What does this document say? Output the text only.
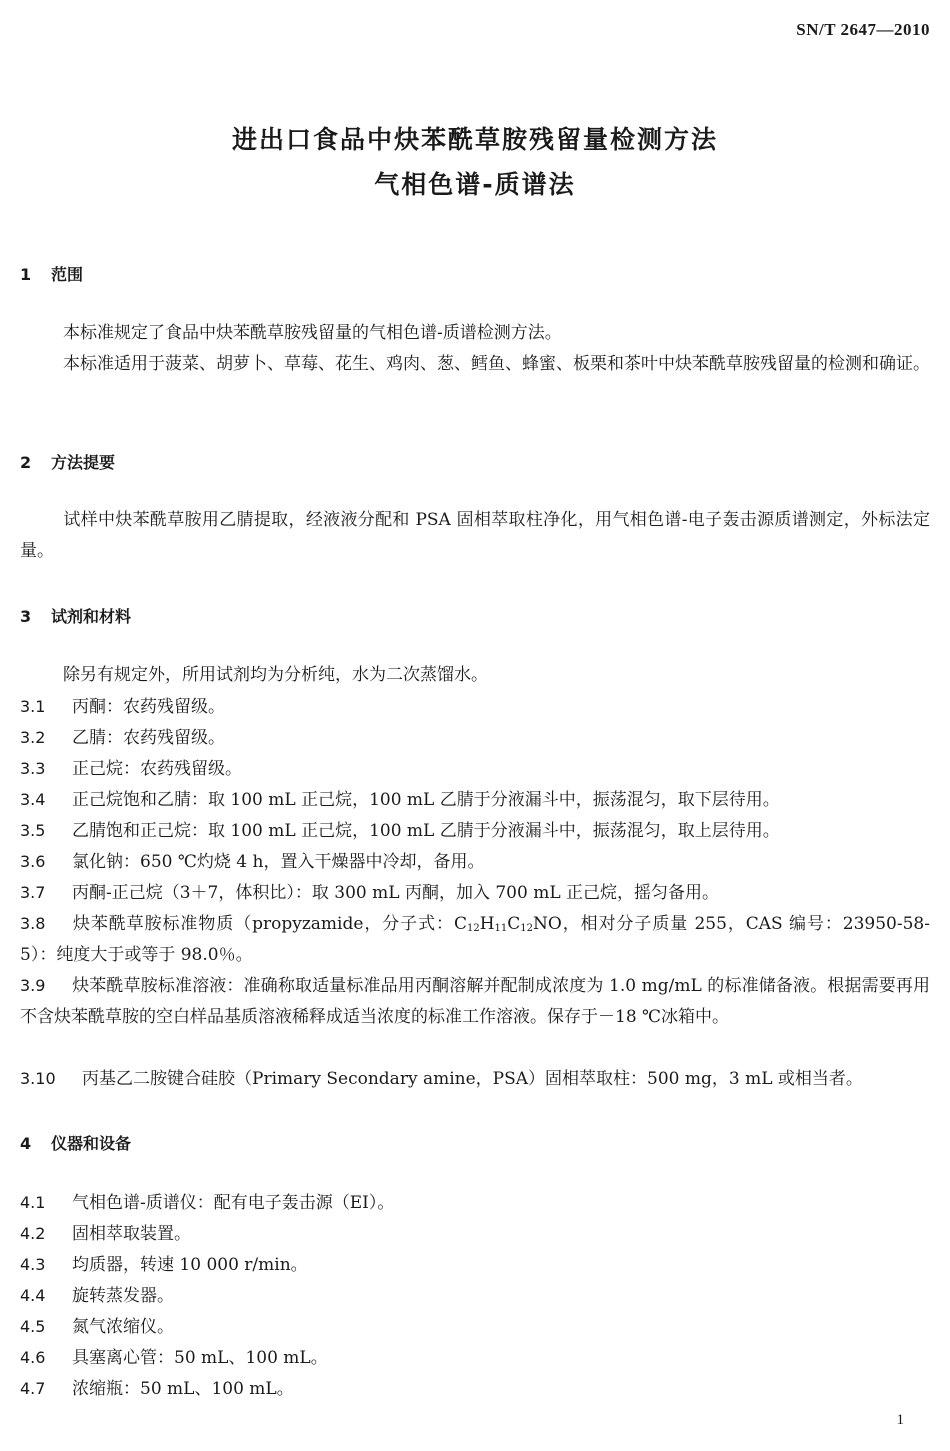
SN/T 2647—2010
进出口食品中炔苯酰草胺残留量检测方法
气相色谱-质谱法
1 范围
本标准规定了食品中炔苯酰草胺残留量的气相色谱-质谱检测方法。
本标准适用于菠菜、胡萝卜、草莓、花生、鸡肉、葱、鳕鱼、蜂蜜、板栗和茶叶中炔苯酰草胺残留量的检测和确证。
2 方法提要
试样中炔苯酰草胺用乙腈提取，经液液分配和 PSA 固相萃取柱净化，用气相色谱-电子轰击源质谱测定，外标法定量。
3 试剂和材料
除另有规定外，所用试剂均为分析纯，水为二次蒸馏水。
3.1 丙酮：农药残留级。
3.2 乙腈：农药残留级。
3.3 正己烷：农药残留级。
3.4 正己烷饱和乙腈：取 100 mL 正己烷，100 mL 乙腈于分液漏斗中，振荡混匀，取下层待用。
3.5 乙腈饱和正己烷：取 100 mL 正己烷，100 mL 乙腈于分液漏斗中，振荡混匀，取上层待用。
3.6 氯化钠：650 ℃灼烧 4 h，置入干燥器中冷却，备用。
3.7 丙酮-正己烷（3＋7，体积比）：取 300 mL 丙酮，加入 700 mL 正己烷，摇匀备用。
3.8 炔苯酰草胺标准物质（propyzamide，分子式：$C_{12}H_{11}C_{12}NO$，相对分子质量 255，CAS 编号：23950-58-5）：纯度大于或等于 98.0％。
3.9 炔苯酰草胺标准溶液：准确称取适量标准品用丙酮溶解并配制成浓度为 1.0 mg/mL 的标准储备液。根据需要再用不含炔苯酰草胺的空白样品基质溶液稀释成适当浓度的标准工作溶液。保存于－18 ℃冰箱中。
3.10 丙基乙二胺键合硅胶（Primary Secondary amine，PSA）固相萃取柱：500 mg，3 mL 或相当者。
4 仪器和设备
4.1 气相色谱-质谱仪：配有电子轰击源（EI）。
4.2 固相萃取装置。
4.3 均质器，转速 10 000 r/min。
4.4 旋转蒸发器。
4.5 氮气浓缩仪。
4.6 具塞离心管：50 mL、100 mL。
4.7 浓缩瓶：50 mL、100 mL。
1
